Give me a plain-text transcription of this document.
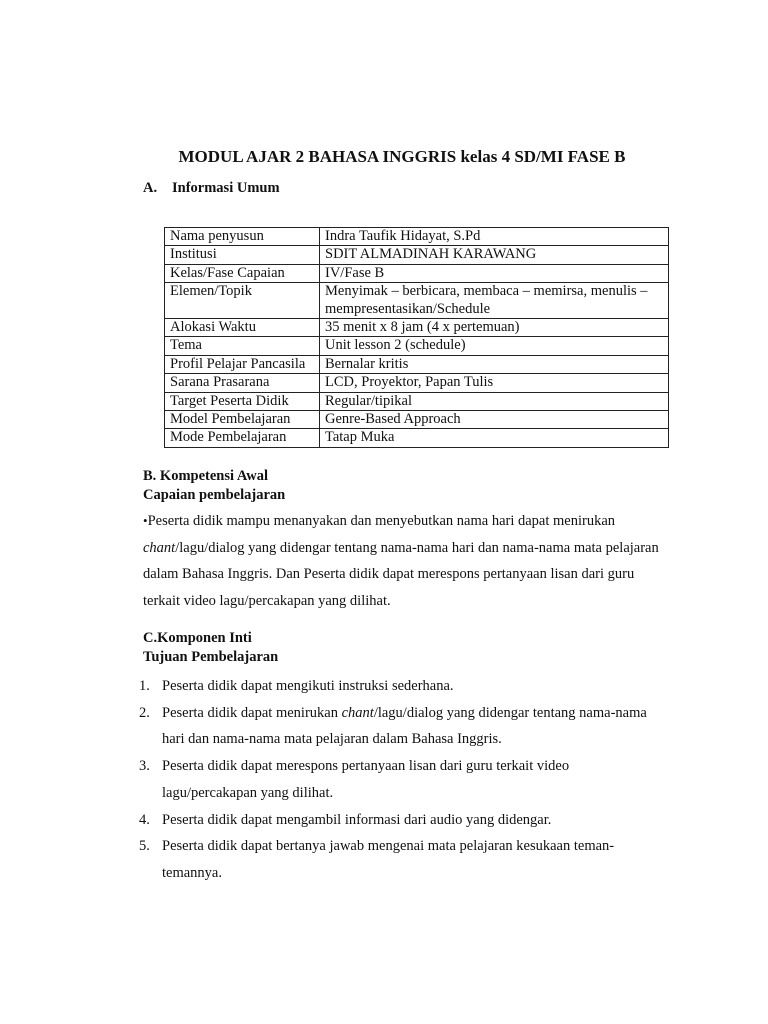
MODUL AJAR 2 BAHASA INGGRIS kelas 4 SD/MI FASE B
A. Informasi Umum
Nama penyusun	Indra Taufik Hidayat, S.Pd
Institusi	SDIT ALMADINAH KARAWANG
Kelas/Fase Capaian	IV/Fase B
Elemen/Topik	Menyimak – berbicara, membaca – memirsa, menulis – mempresentasikan/Schedule
Alokasi Waktu	35 menit x 8 jam (4 x pertemuan)
Tema	Unit lesson 2 (schedule)
Profil Pelajar Pancasila	Bernalar kritis
Sarana Prasarana	LCD, Proyektor, Papan Tulis
Target Peserta Didik	Regular/tipikal
Model Pembelajaran	Genre-Based Approach
Mode Pembelajaran	Tatap Muka
B. Kompetensi Awal
Capaian pembelajaran
•Peserta didik mampu menanyakan dan menyebutkan nama hari dapat menirukan chant/lagu/dialog yang didengar tentang nama-nama hari dan nama-nama mata pelajaran dalam Bahasa Inggris. Dan Peserta didik dapat merespons pertanyaan lisan dari guru terkait video lagu/percakapan yang dilihat.
C.Komponen Inti
Tujuan Pembelajaran
1. Peserta didik dapat mengikuti instruksi sederhana.
2. Peserta didik dapat menirukan chant/lagu/dialog yang didengar tentang nama-nama hari dan nama-nama mata pelajaran dalam Bahasa Inggris.
3. Peserta didik dapat merespons pertanyaan lisan dari guru terkait video lagu/percakapan yang dilihat.
4. Peserta didik dapat mengambil informasi dari audio yang didengar.
5. Peserta didik dapat bertanya jawab mengenai mata pelajaran kesukaan teman-temannya.
